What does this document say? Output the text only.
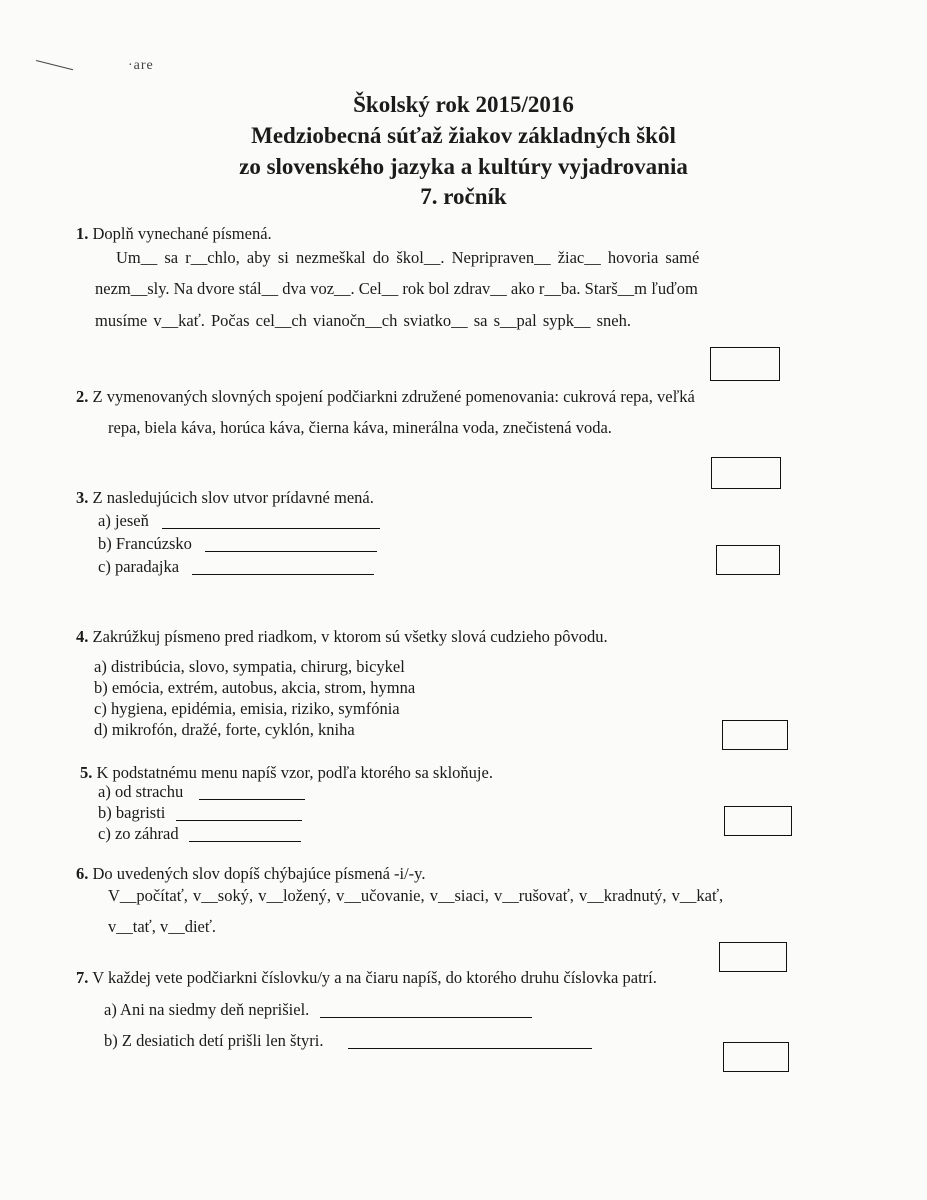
·are
Školský rok 2015/2016
Medziobecná súťaž žiakov základných škôl
zo slovenského jazyka a kultúry vyjadrovania
7. ročník
1. Doplň vynechané písmená.
Um__ sa r__chlo, aby si nezmeškal do škol__. Nepripraven__ žiac__ hovoria samé
nezm__sly. Na dvore stál__ dva voz__. Cel__ rok bol zdrav__ ako r__ba. Starš__m ľuďom
musíme v__kať. Počas cel__ch vianočn__ch sviatko__ sa s__pal sypk__ sneh.
2. Z vymenovaných slovných spojení podčiarkni združené pomenovania: cukrová repa, veľká
repa, biela káva, horúca káva, čierna káva, minerálna voda, znečistená voda.
3. Z nasledujúcich slov utvor prídavné mená.
a) jeseň
b) Francúzsko
c) paradajka
4. Zakrúžkuj písmeno pred riadkom, v ktorom sú všetky slová cudzieho pôvodu.
a) distribúcia, slovo, sympatia, chirurg, bicykel
b) emócia, extrém, autobus, akcia, strom, hymna
c) hygiena, epidémia, emisia, riziko, symfónia
d) mikrofón, dražé, forte, cyklón, kniha
5. K podstatnému menu napíš vzor, podľa ktorého sa skloňuje.
a) od strachu
b) bagristi
c) zo záhrad
6. Do uvedených slov dopíš chýbajúce písmená -i/-y.
V__počítať, v__soký, v__ložený, v__učovanie, v__siaci, v__rušovať, v__kradnutý, v__kať,
v__tať, v__dieť.
7. V každej vete podčiarkni číslovku/y a na čiaru napíš, do ktorého druhu číslovka patrí.
a) Ani na siedmy deň neprišiel.
b) Z desiatich detí prišli len štyri.
